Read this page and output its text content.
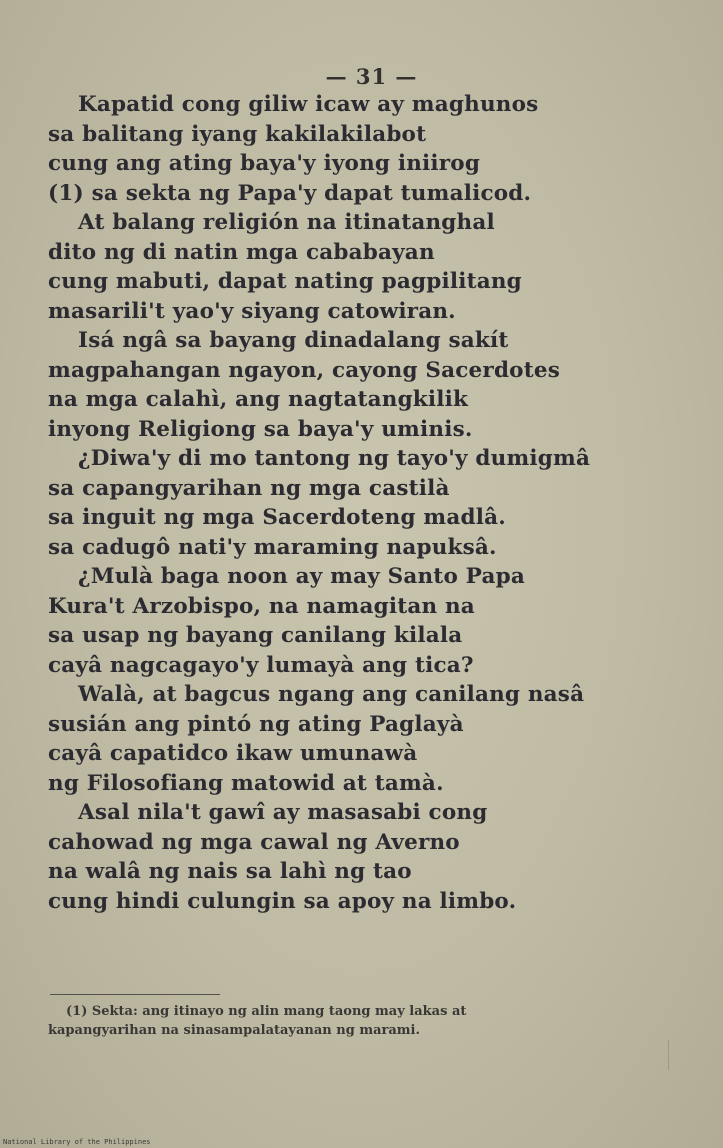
— 31 —
Kapatid cong giliw icaw ay maghunos
sa balitang iyang kakilakilabot
cung ang ating baya'y iyong iniirog
(1) sa sekta ng Papa'y dapat tumalicod.
At balang religión na itinatanghal
dito ng di natin mga cababayan
cung mabuti, dapat nating pagpilitang
masarili't yao'y siyang catowiran.
Isá ngâ sa bayang dinadalang sakít
magpahangan ngayon, cayong Sacerdotes
na mga calahì, ang nagtatangkilik
inyong Religiong sa baya'y uminis.
¿Diwa'y di mo tantong ng tayo'y dumigmâ
sa capangyarihan ng mga castilà
sa inguit ng mga Sacerdoteng madlâ.
sa cadugô nati'y maraming napuksâ.
¿Mulà baga noon ay may Santo Papa
Kura't Arzobispo, na namagitan na
sa usap ng bayang canilang kilala
cayâ nagcagayo'y lumayà ang tica?
Walà, at bagcus ngang ang canilang nasâ
susián ang pintó ng ating Paglayà
cayâ capatidco ikaw umunawà
ng Filosofiang matowid at tamà.
Asal nila't gawî ay masasabi cong
cahowad ng mga cawal ng Averno
na walâ ng nais sa lahì ng tao
cung hindi culungin sa apoy na limbo.
(1) Sekta: ang itinayo ng alin mang taong may lakas at
kapangyarihan na sinasampalatayanan ng marami.
National Library of the Philippines
